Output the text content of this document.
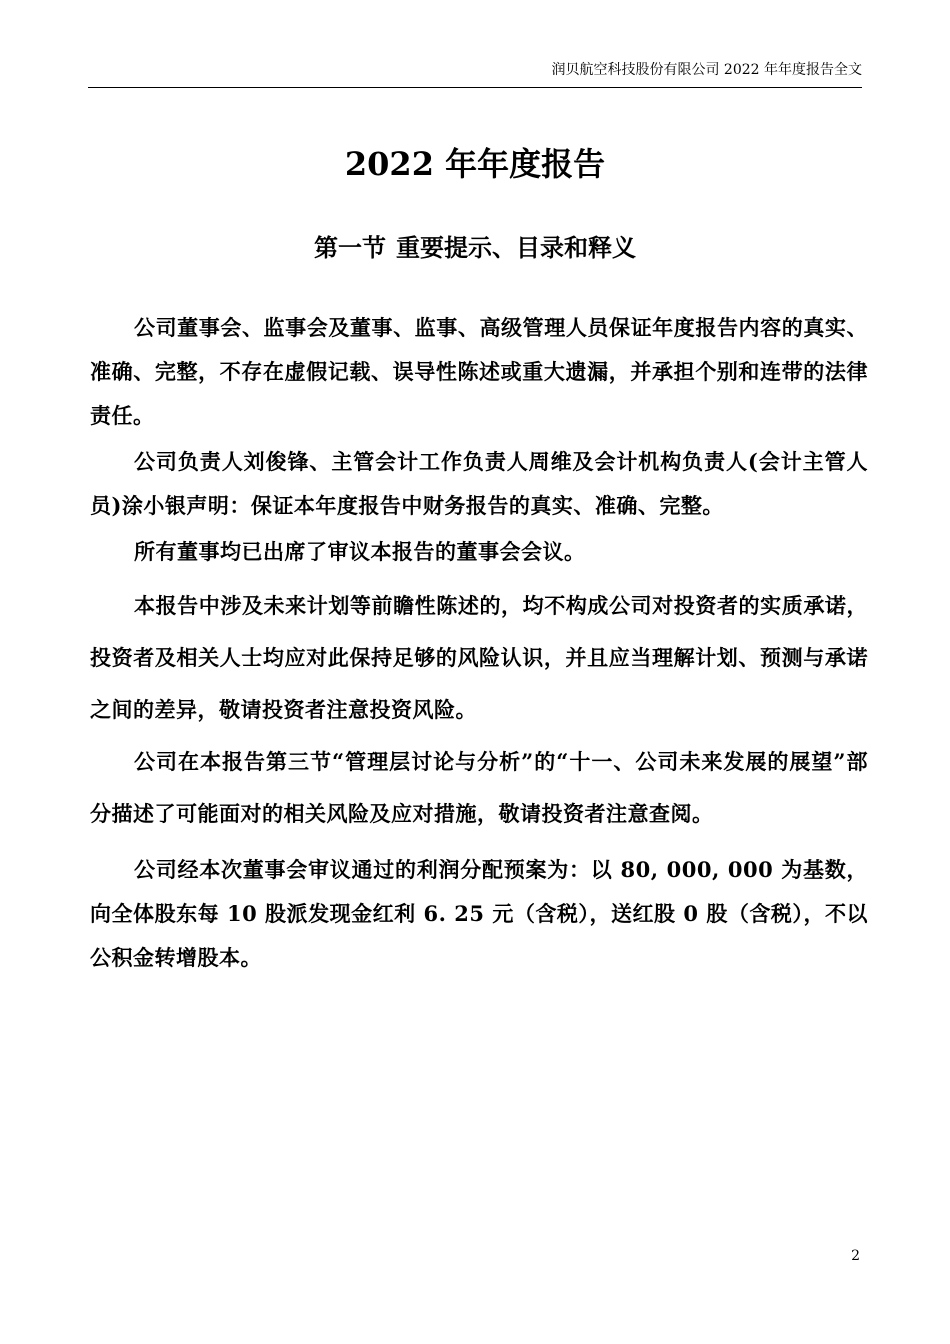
润贝航空科技股份有限公司 2022 年年度报告全文
2022 年年度报告
第一节 重要提示、目录和释义

公司董事会、监事会及董事、监事、高级管理人员保证年度报告内容的真实、准确、完整，不存在虚假记载、误导性陈述或重大遗漏，并承担个别和连带的法律责任。

公司负责人刘俊锋、主管会计工作负责人周维及会计机构负责人(会计主管人员)涂小银声明：保证本年度报告中财务报告的真实、准确、完整。

所有董事均已出席了审议本报告的董事会会议。

本报告中涉及未来计划等前瞻性陈述的，均不构成公司对投资者的实质承诺，投资者及相关人士均应对此保持足够的风险认识，并且应当理解计划、预测与承诺之间的差异，敬请投资者注意投资风险。

公司在本报告第三节“管理层讨论与分析”的“十一、公司未来发展的展望”部分描述了可能面对的相关风险及应对措施，敬请投资者注意查阅。

公司经本次董事会审议通过的利润分配预案为：以 80, 000, 000 为基数，向全体股东每 10 股派发现金红利 6. 25 元（含税），送红股 0 股（含税），不以公积金转增股本。

2
